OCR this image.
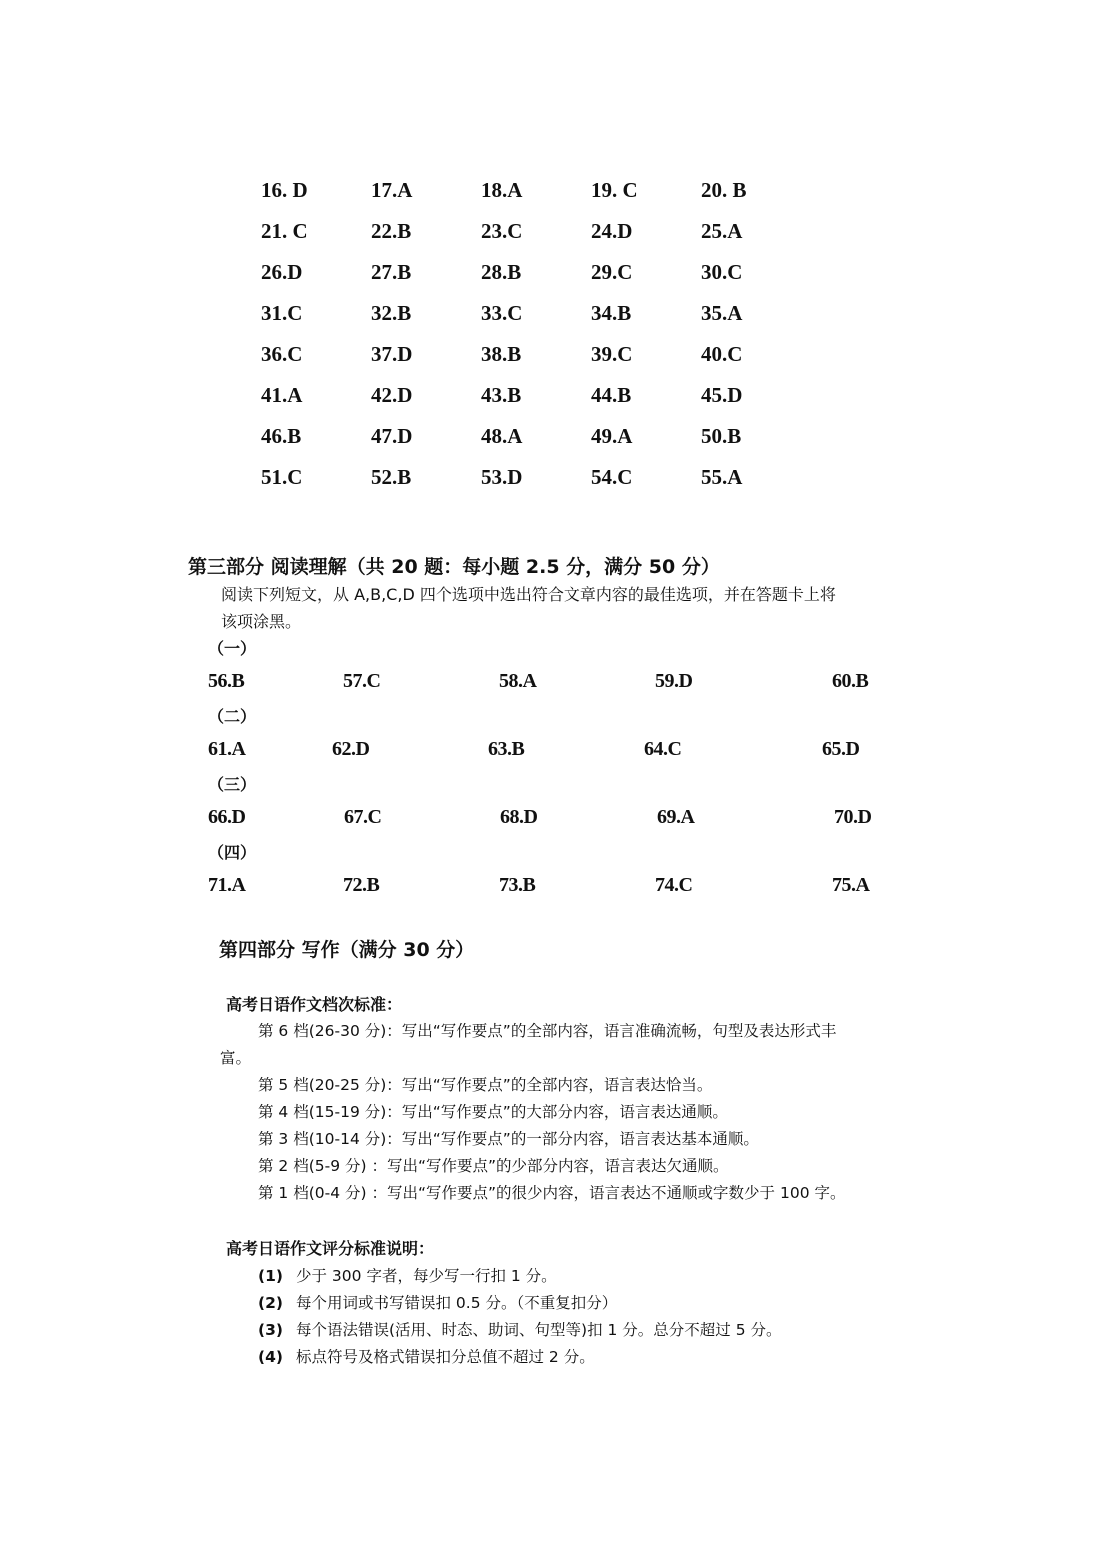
16. D	17.A	18.A	19. C	20. B
21. C	22.B	23.C	24.D	25.A
26.D	27.B	28.B	29.C	30.C
31.C	32.B	33.C	34.B	35.A
36.C	37.D	38.B	39.C	40.C
41.A	42.D	43.B	44.B	45.D
46.B	47.D	48.A	49.A	50.B
51.C	52.B	53.D	54.C	55.A
第三部分 阅读理解（共 20 题：每小题 2.5 分，满分 50 分）
阅读下列短文，从 A,B,C,D 四个选项中选出符合文章内容的最佳选项，并在答题卡上将
该项涂黑。
（一）
56.B	57.C	58.A	59.D	60.B
（二）
61.A	62.D	63.B	64.C	65.D
（三）
66.D	67.C	68.D	69.A	70.D
（四）
71.A	72.B	73.B	74.C	75.A
第四部分 写作（满分 30 分）
高考日语作文档次标准：
第 6 档(26-30 分)：写出“写作要点”的全部内容，语言准确流畅，句型及表达形式丰
富。
第 5 档(20-25 分)：写出“写作要点”的全部内容，语言表达恰当。
第 4 档(15-19 分)：写出“写作要点”的大部分内容，语言表达通顺。
第 3 档(10-14 分)：写出“写作要点”的一部分内容，语言表达基本通顺。
第 2 档(5-9 分) ：写出“写作要点”的少部分内容，语言表达欠通顺。
第 1 档(0-4 分) ：写出“写作要点”的很少内容，语言表达不通顺或字数少于 100 字。
高考日语作文评分标准说明：
(1) 少于 300 字者，每少写一行扣 1 分。
(2) 每个用词或书写错误扣 0.5 分。（不重复扣分）
(3) 每个语法错误(活用、时态、助词、句型等)扣 1 分。总分不超过 5 分。
(4) 标点符号及格式错误扣分总值不超过 2 分。
